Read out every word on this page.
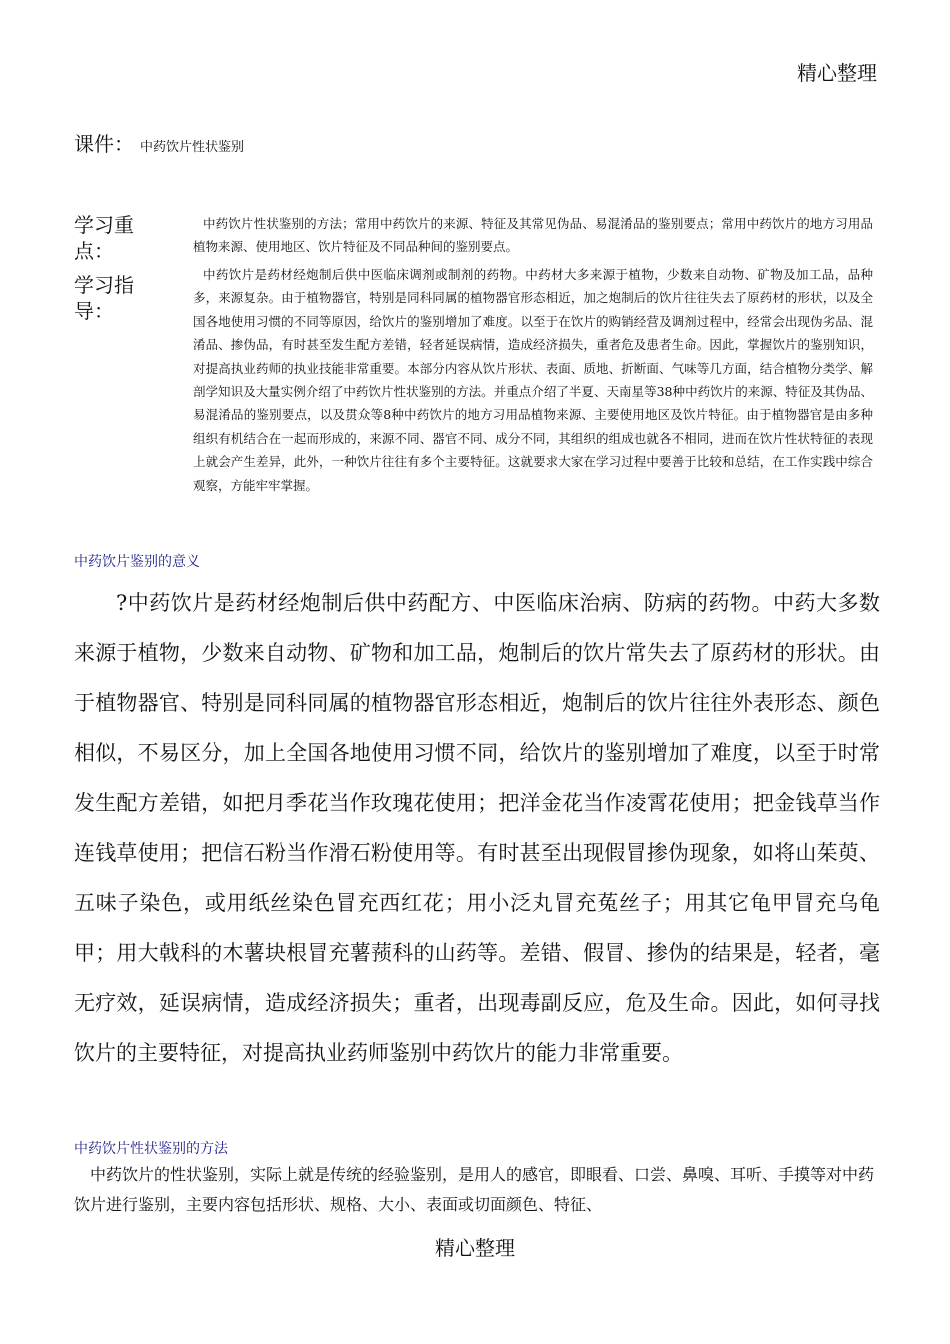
精心整理
课件： 中药饮片性状鉴别
学习重点：
中药饮片性状鉴别的方法；常用中药饮片的来源、特征及其常见伪品、易混淆品的鉴别要点；常用中药饮片的地方习用品植物来源、使用地区、饮片特征及不同品种间的鉴别要点。
学习指导：
中药饮片是药材经炮制后供中医临床调剂或制剂的药物。中药材大多来源于植物，少数来自动物、矿物及加工品，品种多，来源复杂。由于植物器官，特别是同科同属的植物器官形态相近，加之炮制后的饮片往往失去了原药材的形状，以及全国各地使用习惯的不同等原因，给饮片的鉴别增加了难度。以至于在饮片的购销经营及调剂过程中，经常会出现伪劣品、混淆品、掺伪品，有时甚至发生配方差错，轻者延误病情，造成经济损失，重者危及患者生命。因此，掌握饮片的鉴别知识，对提高执业药师的执业技能非常重要。本部分内容从饮片形状、表面、质地、折断面、气味等几方面，结合植物分类学、解剖学知识及大量实例介绍了中药饮片性状鉴别的方法。并重点介绍了半夏、天南星等38种中药饮片的来源、特征及其伪品、易混淆品的鉴别要点，以及贯众等8种中药饮片的地方习用品植物来源、主要使用地区及饮片特征。由于植物器官是由多种组织有机结合在一起而形成的，来源不同、器官不同、成分不同，其组织的组成也就各不相同，进而在饮片性状特征的表现上就会产生差异，此外，一种饮片往往有多个主要特征。这就要求大家在学习过程中要善于比较和总结，在工作实践中综合观察，方能牢牢掌握。
中药饮片鉴别的意义
?中药饮片是药材经炮制后供中药配方、中医临床治病、防病的药物。中药大多数来源于植物，少数来自动物、矿物和加工品，炮制后的饮片常失去了原药材的形状。由于植物器官、特别是同科同属的植物器官形态相近，炮制后的饮片往往外表形态、颜色相似，不易区分，加上全国各地使用习惯不同，给饮片的鉴别增加了难度，以至于时常发生配方差错，如把月季花当作玫瑰花使用；把洋金花当作凌霄花使用；把金钱草当作连钱草使用；把信石粉当作滑石粉使用等。有时甚至出现假冒掺伪现象，如将山茱萸、五味子染色，或用纸丝染色冒充西红花；用小泛丸冒充菟丝子；用其它龟甲冒充乌龟甲；用大戟科的木薯块根冒充薯蓣科的山药等。差错、假冒、掺伪的结果是，轻者，毫无疗效，延误病情，造成经济损失；重者，出现毒副反应，危及生命。因此，如何寻找饮片的主要特征，对提高执业药师鉴别中药饮片的能力非常重要。
中药饮片性状鉴别的方法
中药饮片的性状鉴别，实际上就是传统的经验鉴别，是用人的感官，即眼看、口尝、鼻嗅、耳听、手摸等对中药饮片进行鉴别，主要内容包括形状、规格、大小、表面或切面颜色、特征、
精心整理
